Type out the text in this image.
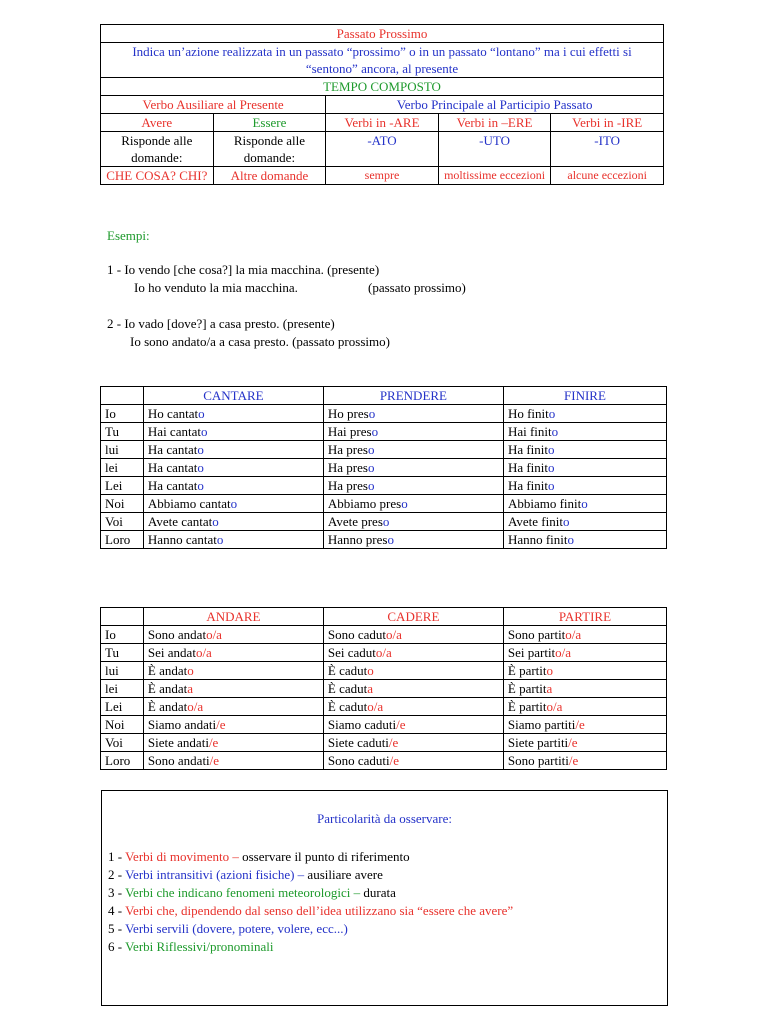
Passato Prossimo				
Indica un’azione realizzata in un passato “prossimo” o in un passato “lontano” ma i cui effetti si “sentono” ancora, al presente				
TEMPO COMPOSTO				
Verbo Ausiliare al Presente		Verbo Principale al Participio Passato		
Avere	Essere	Verbi in -ARE	Verbi in –ERE	Verbi in -IRE
Risponde alle domande:	Risponde alle domande:	-ATO	-UTO	-ITO
CHE COSA? CHI?	Altre domande	sempre	moltissime eccezioni	alcune eccezioni
Esempi:
1 - Io vendo [che cosa?] la mia macchina. (presente)
Io ho venduto la mia macchina.	(passato prossimo)
2 - Io vado [dove?] a casa presto. (presente)
Io sono andato/a a casa presto. (passato prossimo)
	CANTARE	PRENDERE	FINIRE
Io	Ho cantato	Ho preso	Ho finito
Tu	Hai cantato	Hai preso	Hai finito
lui	Ha cantato	Ha preso	Ha finito
lei	Ha cantato	Ha preso	Ha finito
Lei	Ha cantato	Ha preso	Ha finito
Noi	Abbiamo cantato	Abbiamo preso	Abbiamo finito
Voi	Avete cantato	Avete preso	Avete finito
Loro	Hanno cantato	Hanno preso	Hanno finito
	ANDARE	CADERE	PARTIRE
Io	Sono andato/a	Sono caduto/a	Sono partito/a
Tu	Sei andato/a	Sei caduto/a	Sei partito/a
lui	È andato	È caduto	È partito
lei	È andata	È caduta	È partita
Lei	È andato/a	È caduto/a	È partito/a
Noi	Siamo andati/e	Siamo caduti/e	Siamo partiti/e
Voi	Siete andati/e	Siete caduti/e	Siete partiti/e
Loro	Sono andati/e	Sono caduti/e	Sono partiti/e
Particolarità da osservare:
1 - Verbi di movimento – osservare il punto di riferimento
2 - Verbi intransitivi (azioni fisiche) – ausiliare avere
3 - Verbi che indicano fenomeni meteorologici – durata
4 - Verbi che, dipendendo dal senso dell’idea utilizzano sia “essere che avere”
5 - Verbi servili (dovere, potere, volere, ecc...)
6 - Verbi Riflessivi/pronominali
